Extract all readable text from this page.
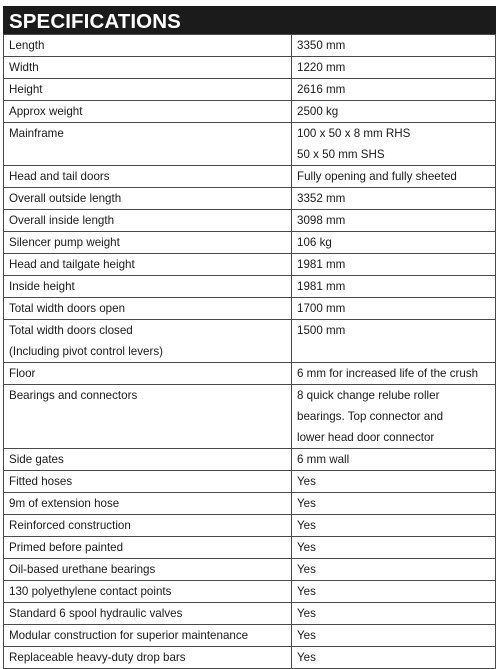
SPECIFICATIONS
Length	3350 mm

Width	1220 mm

Height	2616 mm

Approx weight	2500 kg

Mainframe	100 x 50 x 8 mm RHS
50 x 50 mm SHS

Head and tail doors	Fully opening and fully sheeted

Overall outside length	3352 mm

Overall inside length	3098 mm

Silencer pump weight	106 kg

Head and tailgate height	1981 mm

Inside height	1981 mm

Total width doors open	1700 mm

Total width doors closed
(Including pivot control levers)	1500 mm

Floor	6 mm for increased life of the crush

Bearings and connectors	8 quick change relube roller
bearings. Top connector and
lower head door connector

Side gates	6 mm wall

Fitted hoses	Yes

9m of extension hose	Yes

Reinforced construction	Yes

Primed before painted	Yes

Oil-based urethane bearings	Yes

130 polyethylene contact points	Yes

Standard 6 spool hydraulic valves	Yes

Modular construction for superior maintenance	Yes

Replaceable heavy-duty drop bars	Yes
